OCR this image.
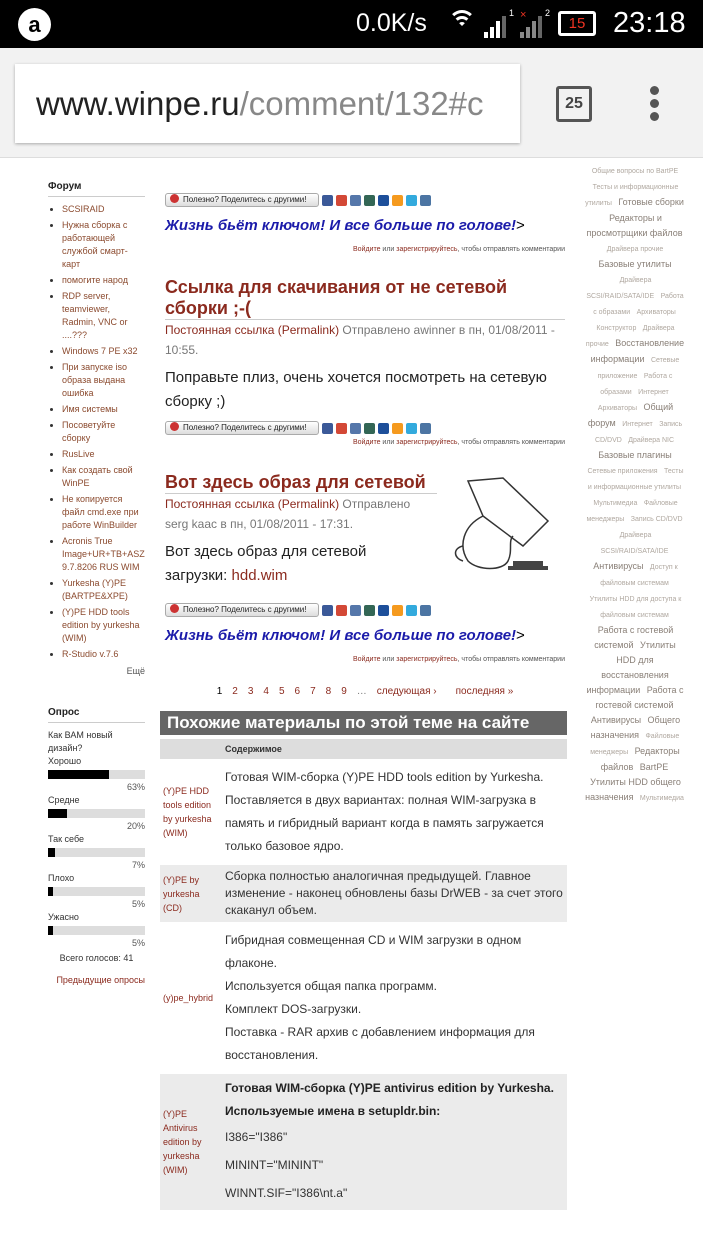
a	0.0K/s	1 × 2
15 23:18
www.winpe.ru/comment/132#c	25
Общие вопросы по BartPE Тесты и информационные утилиты Готовые сборки Редакторы и просмотрщики файлов Драйвера прочие Базовые утилиты Драйвера SCSI/RAID/SATA/IDE Работа с образами Архиваторы Конструктор Драйвера прочие Восстановление информации Сетевые приложение Работа с образами Интернет Архиваторы Общий форум Интернет Запись CD/DVD Драйвера NIC Базовые плагины Сетевые приложения Тесты и информационные утилиты Мультимедиа Файловые менеджеры Запись CD/DVD Драйвера SCSI/RAID/SATA/IDE Антивирусы Доступ к файловым системам Утилиты HDD для доступа к файловым системам Работа с гостевой системой Утилиты HDD для восстановления информации Работа с гостевой системой Антивирусы Общего назначения Файловые менеджеры Редакторы файлов BartPE Утилиты HDD общего назначения Мультимедиа
Форум
• SCSIRAID
• Нужна сборка с работающей службой смарт-карт
• помогите народ
• RDP server, teamviewer, Radmin, VNC or ....???
• Windows 7 PE x32
• При запуске iso образа выдана ошибка
• Имя системы
• Посоветуйте сборку
• RusLive
• Как создать свой WinPE
• Не копируется файл cmd.exe при работе WinBuilder
• Acronis True Image+UR+TB+ASZ 9.7.8206 RUS WIM
• Yurkesha (Y)PE (BARTPE&XPE)
• (Y)PE HDD tools edition by yurkesha (WIM)
• R-Studio v.7.6
Ещё
Опрос
Как ВАМ новый дизайн?
Хорошо
63%
Средне
20%
Так себе
7%
Плохо
5%
Ужасно
5%
Всего голосов: 41
Предыдущие опросы
Полезно? Поделитесь с другими!
Жизнь бьёт ключом! И все больше по голове!>
Войдите или зарегистрируйтесь, чтобы отправлять комментарии
Ссылка для скачивания от не сетевой сборки ;-(
Постоянная ссылка (Permalink) Отправлено awinner в пн, 01/08/2011 - 10:55.
Поправьте плиз, очень хочется посмотреть на сетевую сборку ;)
Полезно? Поделитесь с другими!
Войдите или зарегистрируйтесь, чтобы отправлять комментарии
Вот здесь образ для сетевой
Постоянная ссылка (Permalink) Отправлено serg kaac в пн, 01/08/2011 - 17:31.
Вот здесь образ для сетевой загрузки: hdd.wim
Полезно? Поделитесь с другими!
Жизнь бьёт ключом! И все больше по голове!>
Войдите или зарегистрируйтесь, чтобы отправлять комментарии
1 2 3 4 5 6 7 8 9 … следующая › последняя »
Похожие материалы по этой теме на сайте
	Содержимое
(Y)PE HDD tools edition by yurkesha (WIM)	Готовая WIM-сборка (Y)PE HDD tools edition by Yurkesha.
Поставляется в двух вариантах: полная WIM-загрузка в память и гибридный вариант когда в память загружается только базовое ядро.

(Y)PE by yurkesha (CD)	Сборка полностью аналогичная предыдущей. Главное изменение - наконец обновлены базы DrWEB - за счет этого скаканул объем.

(y)pe_hybrid	Гибридная совмещенная CD и WIM загрузки в одном флаконе.
Используется общая папка программ.
Комплект DOS-загрузки.
Поставка - RAR архив с добавлением информация для восстановления.

(Y)PE Antivirus edition by yurkesha (WIM)	Готовая WIM-сборка (Y)PE antivirus edition by Yurkesha.
Используемые имена в setupldr.bin:
I386="I386"
MININT="MININT"
WINNT.SIF="I386\nt.a"
